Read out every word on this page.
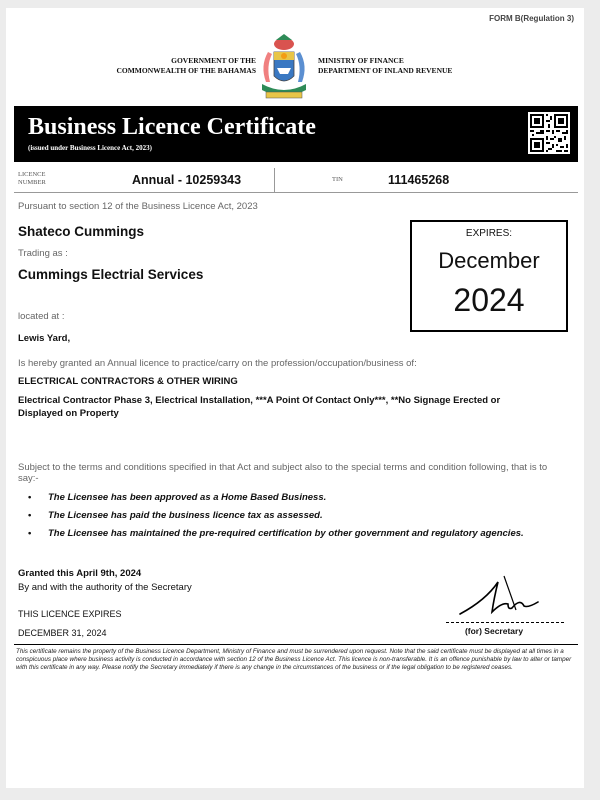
FORM B(Regulation 3)
GOVERNMENT OF THE
COMMONWEALTH OF THE BAHAMAS
MINISTRY OF FINANCE
DEPARTMENT OF INLAND REVENUE
Business Licence Certificate
(issued under Business Licence Act, 2023)
LICENCE
NUMBER	Annual - 10259343	TIN	111465268
Pursuant to section 12 of the Business Licence Act, 2023
Shateco Cummings
Trading as :
Cummings Electrial Services
EXPIRES:
December
2024
located at :
Lewis Yard,
Is hereby granted an Annual licence to practice/carry on the profession/occupation/business of:
ELECTRICAL CONTRACTORS & OTHER WIRING
Electrical Contractor Phase 3, Electrical Installation, ***A Point Of Contact Only***, **No Signage Erected or Displayed on Property
Subject to the terms and conditions specified in that Act and subject also to the special terms and condition following, that is to say:-
• The Licensee has been approved as a Home Based Business.
• The Licensee has paid the business licence tax as assessed.
• The Licensee has maintained the pre-required certification by other government and regulatory agencies.
Granted this April 9th, 2024
By and with the authority of the Secretary
THIS LICENCE EXPIRES
DECEMBER 31, 2024	(for) Secretary
This certificate remains the property of the Business Licence Department, Ministry of Finance and must be surrendered upon request. Note that the said certificate must be displayed at all times in a conspicuous place where business activity is conducted in accordance with section 12 of the Business Licence Act. This licence is non-transferable. It is an offence punishable by law to alter or tamper with this certificate in any way. Please notify the Secretary immediately if there is any change in the circumstances of the business or if the legal obligation to be registered ceases.
